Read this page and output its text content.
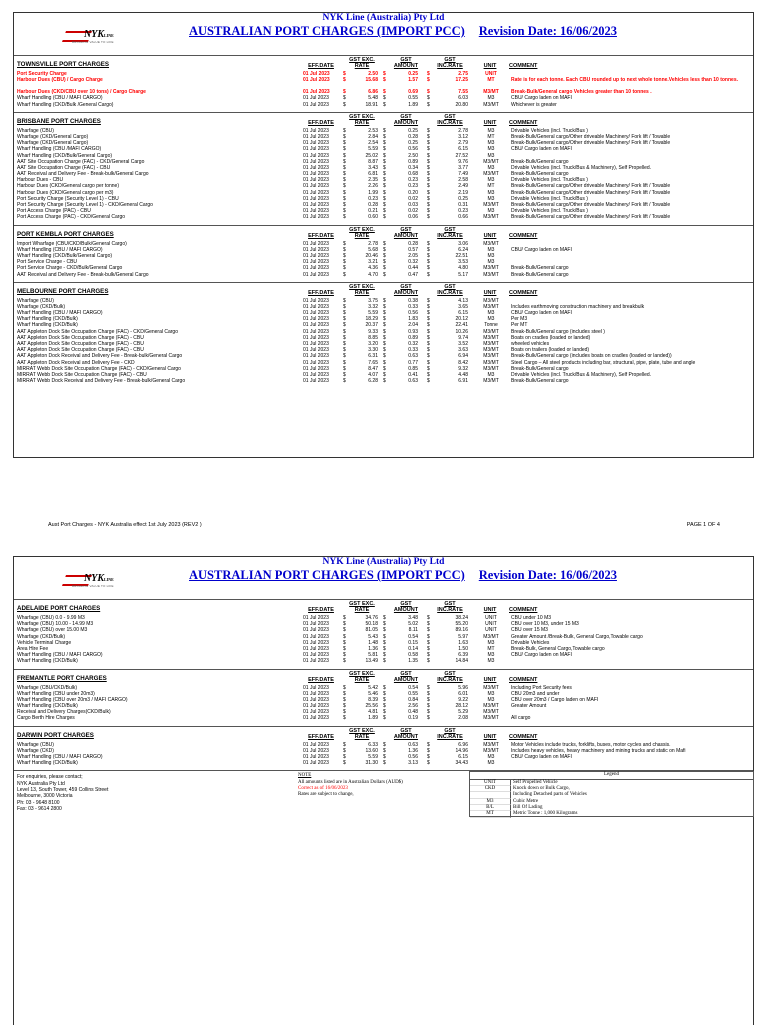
NYK Line (Australia) Pty Ltd
NYKLINE
BRINGING VALUE TO LIFE
AUSTRALIAN PORT CHARGES (IMPORT PCC) Revision Date: 16/06/2023
TOWNSVILLE PORT CHARGES	EFF.DATE
GST EXC.
RATE
GST
AMOUNT
GST
INC.RATE	UNIT	COMMENT
Port Security Charge	01 Jul 2023	$	2.50 $	0.25 $	2.75	UNIT
Harbour Dues (CBU) / Cargo Charge	01 Jul 2023	$	15.68 $	1.57 $	17.25	MT	Rate is for each tonne. Each CBU rounded up to next whole tonne.Vehicles less than 10 tonnes.
Harbour Dues (CKD/CBU over 10 tons) / Cargo Charge	01 Jul 2023	$	6.86 $	0.69 $	7.55	M3/MT	Break-Bulk/General cargo Vehicles greater than 10 tonnes .
Wharf Handling (CBU / MAFI CARGO)	01 Jul 2023	$	5.48 $	0.55 $	6.03	M3	CBU/ Cargo laden on MAFI
Wharf Handling (CKD/Bulk /General Cargo)	01 Jul 2023	$	18.91 $	1.89 $	20.80	M3/MT	Whichever is greater
BRISBANE PORT CHARGES	EFF.DATE
GST EXC.
RATE
GST
AMOUNT
GST
INC.RATE	UNIT	COMMENT
Wharfage (CBU)	01 Jul 2023	$	2.53 $	0.25 $	2.78	M3	Drivable Vehicles (incl. Truck/Bus )
Wharfage (CKD/General Cargo)	01 Jul 2023	$	2.84 $	0.28 $	3.12	MT	Break-Bulk/General cargo/Other driveable Machinery/ Fork lift / Towable
Wharfage (CKD/General Cargo)	01 Jul 2023	$	2.54 $	0.25 $	2.79	M3	Break-Bulk/General cargo/Other driveable Machinery/ Fork lift / Towable
Wharf Handling (CBU /MAFI CARGO)	01 Jul 2023	$	5.59 $	0.56 $	6.15	M3	CBU/ Cargo laden on MAFI
Wharf Handling (CKD/Bulk/General Cargo)	01 Jul 2023	$	25.02 $	2.50 $	27.52	M3
AAT Site Occupation Charge (FAC) - CKD/General Cargo	01 Jul 2023	$	8.87 $	0.89 $	9.76	M3/MT	Break-Bulk/General cargo
AAT Site Occupation Charge (FAC) - CBU	01 Jul 2023	$	3.43 $	0.34 $	3.77	M3	Drivable Vehicles (incl. Truck/Bus & Machinery), Self Propelled.
AAT Receival and Delivery Fee - Break-bulk/General Cargo	01 Jul 2023	$	6.81 $	0.68 $	7.49	M3/MT	Break-Bulk/General cargo
Harbour Dues - CBU	01 Jul 2023	$	2.35 $	0.23 $	2.58	M3	Drivable Vehicles (incl. Truck/Bus )
Harbour Dues (CKD/General cargo per tonne)	01 Jul 2023	$	2.26 $	0.23 $	2.49	MT	Break-Bulk/General cargo/Other driveable Machinery/ Fork lift / Towable
Harbour Dues (CKD/General cargo per m3)	01 Jul 2023	$	1.99 $	0.20 $	2.19	M3	Break-Bulk/General cargo/Other driveable Machinery/ Fork lift / Towable
Port Security Charge (Security Level 1) - CBU	01 Jul 2023	$	0.23 $	0.02 $	0.25	M3	Drivable Vehicles (incl. Truck/Bus )
Port Security Charge (Security Level 1) - CKD/General Cargo	01 Jul 2023	$	0.28 $	0.03 $	0.31	M3/MT	Break-Bulk/General cargo/Other driveable Machinery/ Fork lift / Towable
Port Access Charge (PAC) - CBU	01 Jul 2023	$	0.21 $	0.02 $	0.23	M3	Drivable Vehicles (incl. Truck/Bus )
Port Access Charge (PAC) - CKD/General Cargo	01 Jul 2023	$	0.60 $	0.06 $	0.66	M3/MT	Break-Bulk/General cargo/Other driveable Machinery/ Fork lift / Towable
PORT KEMBLA PORT CHARGES	EFF.DATE
GST EXC.
RATE
GST
AMOUNT
GST
INC.RATE	UNIT	COMMENT
Import Wharfage (CBU/CKD/Bulk/General Cargo)	01 Jul 2023	$	2.78 $	0.28 $	3.06	M3/MT
Wharf Handling (CBU / MAFI CARGO)	01 Jul 2023	$	5.68 $	0.57 $	6.24	M3	CBU/ Cargo laden on MAFI
Wharf Handling (CKD/Bulk/General Cargo)	01 Jul 2023	$	20.46 $	2.05 $	22.51	M3
Port Service Charge - CBU	01 Jul 2023	$	3.21 $	0.32 $	3.53	M3
Port Service Charge - CKD/Bulk/General Cargo	01 Jul 2023	$	4.36 $	0.44 $	4.80	M3/MT	Break-Bulk/General cargo
AAT Receival and Delivery Fee - Break-bulk/General Cargo	01 Jul 2023	$	4.70 $	0.47 $	5.17	M3/MT	Break-Bulk/General cargo
MELBOURNE PORT CHARGES	EFF.DATE
GST EXC.
RATE
GST
AMOUNT
GST
INC.RATE	UNIT	COMMENT
Wharfage (CBU)	01 Jul 2023	$	3.75 $	0.38 $	4.13	M3/MT
Wharfage (CKD/Bulk)	01 Jul 2023	$	3.32 $	0.33 $	3.65	M3/MT	Includes earthmoving construction machinery and breakbulk
Wharf Handling (CBU / MAFI CARGO)	01 Jul 2023	$	5.59 $	0.56 $	6.15	M3	CBU/ Cargo laden on MAFI
Wharf Handling (CKD/Bulk)	01 Jul 2023	$	18.29 $	1.83 $	20.12	M3	Per M3
Wharf Handling (CKD/Bulk)	01 Jul 2023	$	20.37 $	2.04 $	22.41	Tonne	Per MT
AAT Appleton Dock Site Occupation Charge (FAC) - CKD/General Cargo	01 Jul 2023	$	9.33 $	0.93 $	10.26	M3/MT	Break-Bulk/General cargo (includes steel )
AAT Appleton Dock Site Occupation Charge (FAC) - CBU	01 Jul 2023	$	8.85 $	0.89 $	9.74	M3/MT	Boats on cradles (loaded or landed)
AAT Appleton Dock Site Occupation Charge (FAC) - CBU	01 Jul 2023	$	3.20 $	0.32 $	3.52	M3/MT	wheeled vehicles
AAT Appleton Dock Site Occupation Charge (FAC) - CBU	01 Jul 2023	$	3.30 $	0.33 $	3.63	M3/MT	Boats on trailers (loaded or landed)
AAT Appleton Dock Receival and Delivery Fee - Break-bulk/General Cargo	01 Jul 2023	$	6.31 $	0.63 $	6.94	M3/MT	Break-Bulk/General cargo (includes boats on cradles (loaded or landed))
AAT Appleton Dock Receival and Delivery Fee - CKD	01 Jul 2023	$	7.65 $	0.77 $	8.42	M3/MT	Steel Cargo – All steel products including bar, structural, pipe, plate, tube and angle
MIRRAT Webb Dock Site Occupation Charge (FAC) - CKD/General Cargo	01 Jul 2023	$	8.47 $	0.85 $	9.32	M3/MT	Break-Bulk/General cargo
MIRRAT Webb Dock Site Occupation Charge (FAC) - CBU	01 Jul 2023	$	4.07 $	0.41 $	4.48	M3	Drivable Vehicles (incl. Truck/Bus & Machinery), Self Propelled.
MIRRAT Webb Dock Receival and Delivery Fee - Break-bulk/General Cargo	01 Jul 2023	$	6.28 $	0.63 $	6.91	M3/MT	Break-Bulk/General cargo
Aust Port Charges - NYK Australia effect 1st July 2023 (REV2 )	PAGE 1 OF 4
NYK Line (Australia) Pty Ltd
NYKLINE
BRINGING VALUE TO LIFE
AUSTRALIAN PORT CHARGES (IMPORT PCC) Revision Date: 16/06/2023
ADELAIDE PORT CHARGES	EFF.DATE
GST EXC.
RATE
GST
AMOUNT
GST
INC.RATE	UNIT	COMMENT
Wharfage (CBU) 0.0 - 9.99 M3	01 Jul 2023	$	34.76 $	3.48 $	38.24	UNIT	CBU under 10 M3
Wharfage (CBU) 10.00 - 14.99 M3	01 Jul 2023	$	50.18 $	5.02 $	55.20	UNIT	CBU over 10 M3, under 15 M3
Wharfage (CBU) over 15.00 M3	01 Jul 2023	$	81.05 $	8.11 $	89.16	UNIT	CBU over 15 M3
Wharfage (CKD/Bulk)	01 Jul 2023	$	5.43 $	0.54 $	5.97	M3/MT	Greater Amount /Break-Bulk, General Cargo,Towable cargo
Vehicle Terminal Charge	01 Jul 2023	$	1.48 $	0.15 $	1.63	M3	Drivable Vehicles
Area Hire Fee	01 Jul 2023	$	1.36 $	0.14 $	1.50	MT	Break-Bulk, General Cargo,Towable cargo
Wharf Handling (CBU / MAFI CARGO)	01 Jul 2023	$	5.81 $	0.58 $	6.39	M3	CBU/ Cargo laden on MAFI
Wharf Handling (CKD/Bulk)	01 Jul 2023	$	13.49 $	1.35 $	14.84	M3
FREMANTLE PORT CHARGES	EFF.DATE
GST EXC.
RATE
GST
AMOUNT
GST
INC.RATE	UNIT	COMMENT
Wharfage (CBU/CKD/Bulk)	01 Jul 2023	$	5.42 $	0.54 $	5.96	M3/MT	Including Port Security fees
Wharf Handling (CBU under 20m3)	01 Jul 2023	$	5.46 $	0.55 $	6.01	M3	CBU 20m3 and under
Wharf Handling (CBU over 20m3 / MAFI CARGO)	01 Jul 2023	$	8.39 $	0.84 $	9.22	M3	CBU over 20m3 / Cargo laden on MAFI
Wharf Handling (CKD/Bulk)	01 Jul 2023	$	25.56 $	2.56 $	28.12	M3/MT	Greater Amount
Receival and Delivery Charges(CKD/Bulk)	01 Jul 2023	$	4.81 $	0.48 $	5.29	M3/MT
Cargo Berth Hire Charges	01 Jul 2023	$	1.89 $	0.19 $	2.08	M3/MT	All cargo
DARWIN PORT CHARGES	EFF.DATE
GST EXC.
RATE
GST
AMOUNT
GST
INC.RATE	UNIT	COMMENT
Wharfage (CBU)	01 Jul 2023	$	6.33 $	0.63 $	6.96	M3/MT	Motor Vehicles include trucks, forklifts, buses, motor cycles and chassis.
Wharfage (CKD)	01 Jul 2023	$	13.60 $	1.36 $	14.96	M3/MT	Includes heavy vehicles, heavy machinery and mining trucks and static on Mafi
Wharf Handling (CBU / MAFI CARGO)	01 Jul 2023	$	5.59 $	0.56 $	6.15	M3	CBU/ Cargo laden on MAFI
Wharf Handling (CKD/Bulk)	01 Jul 2023	$	31.30 $	3.13 $	34.43	M3
For enquiries, please contact;
NYK Australia Pty Ltd
Level 13, South Tower, 459 Collins Street
Melbourne, 3000 Victoria
Ph: 03 - 9648 8100
Fax: 03 - 9614 2800
NOTE
All amounts listed are in Australian Dollars (AUD$)
Correct as of 16/06/2023
Rates are subject to change,
Legend
UNIT	Self Propelled Vehicle
CKD	Knock down or Bulk Cargo,
Including Detached parts of Vehicles
M3	Cubic Metre
B/L	Bill Of Lading
MT	Metric Tonne : 1,000 Kilograms
